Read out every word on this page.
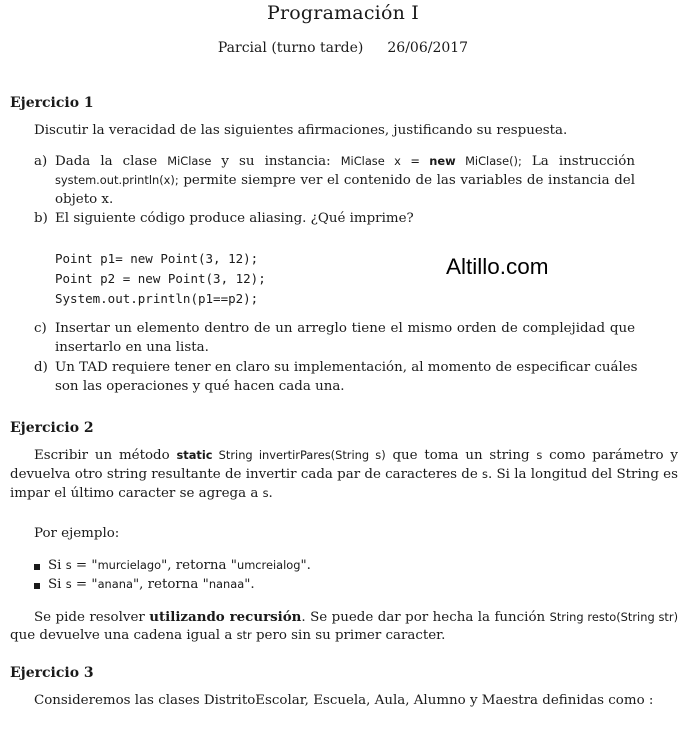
Programación I
Parcial (turno tarde) 26/06/2017
Altillo.com
Ejercicio 1
Discutir la veracidad de las siguientes afirmaciones, justificando su respuesta.
a) Dada la clase MiClase y su instancia: MiClase x = new MiClase(); La instrucción
system.out.println(x); permite siempre ver el contenido de las variables de instancia del
objeto x.
b) El siguiente código produce aliasing. ¿Qué imprime?
Point p1= new Point(3, 12);
Point p2 = new Point(3, 12);
System.out.println(p1==p2);
c) Insertar un elemento dentro de un arreglo tiene el mismo orden de complejidad que
insertarlo en una lista.
d) Un TAD requiere tener en claro su implementación, al momento de especificar cuáles
son las operaciones y qué hacen cada una.
Ejercicio 2
Escribir un método static String invertirPares(String s) que toma un string s como parámetro y
devuelva otro string resultante de invertir cada par de caracteres de s. Si la longitud del String es
impar el último caracter se agrega a s.
Por ejemplo:
Si s = "murcielago", retorna "umcreialog".
Si s = "anana", retorna "nanaa".
Se pide resolver utilizando recursión. Se puede dar por hecha la función String resto(String str)
que devuelve una cadena igual a str pero sin su primer caracter.
Ejercicio 3
Consideremos las clases DistritoEscolar, Escuela, Aula, Alumno y Maestra definidas como :
